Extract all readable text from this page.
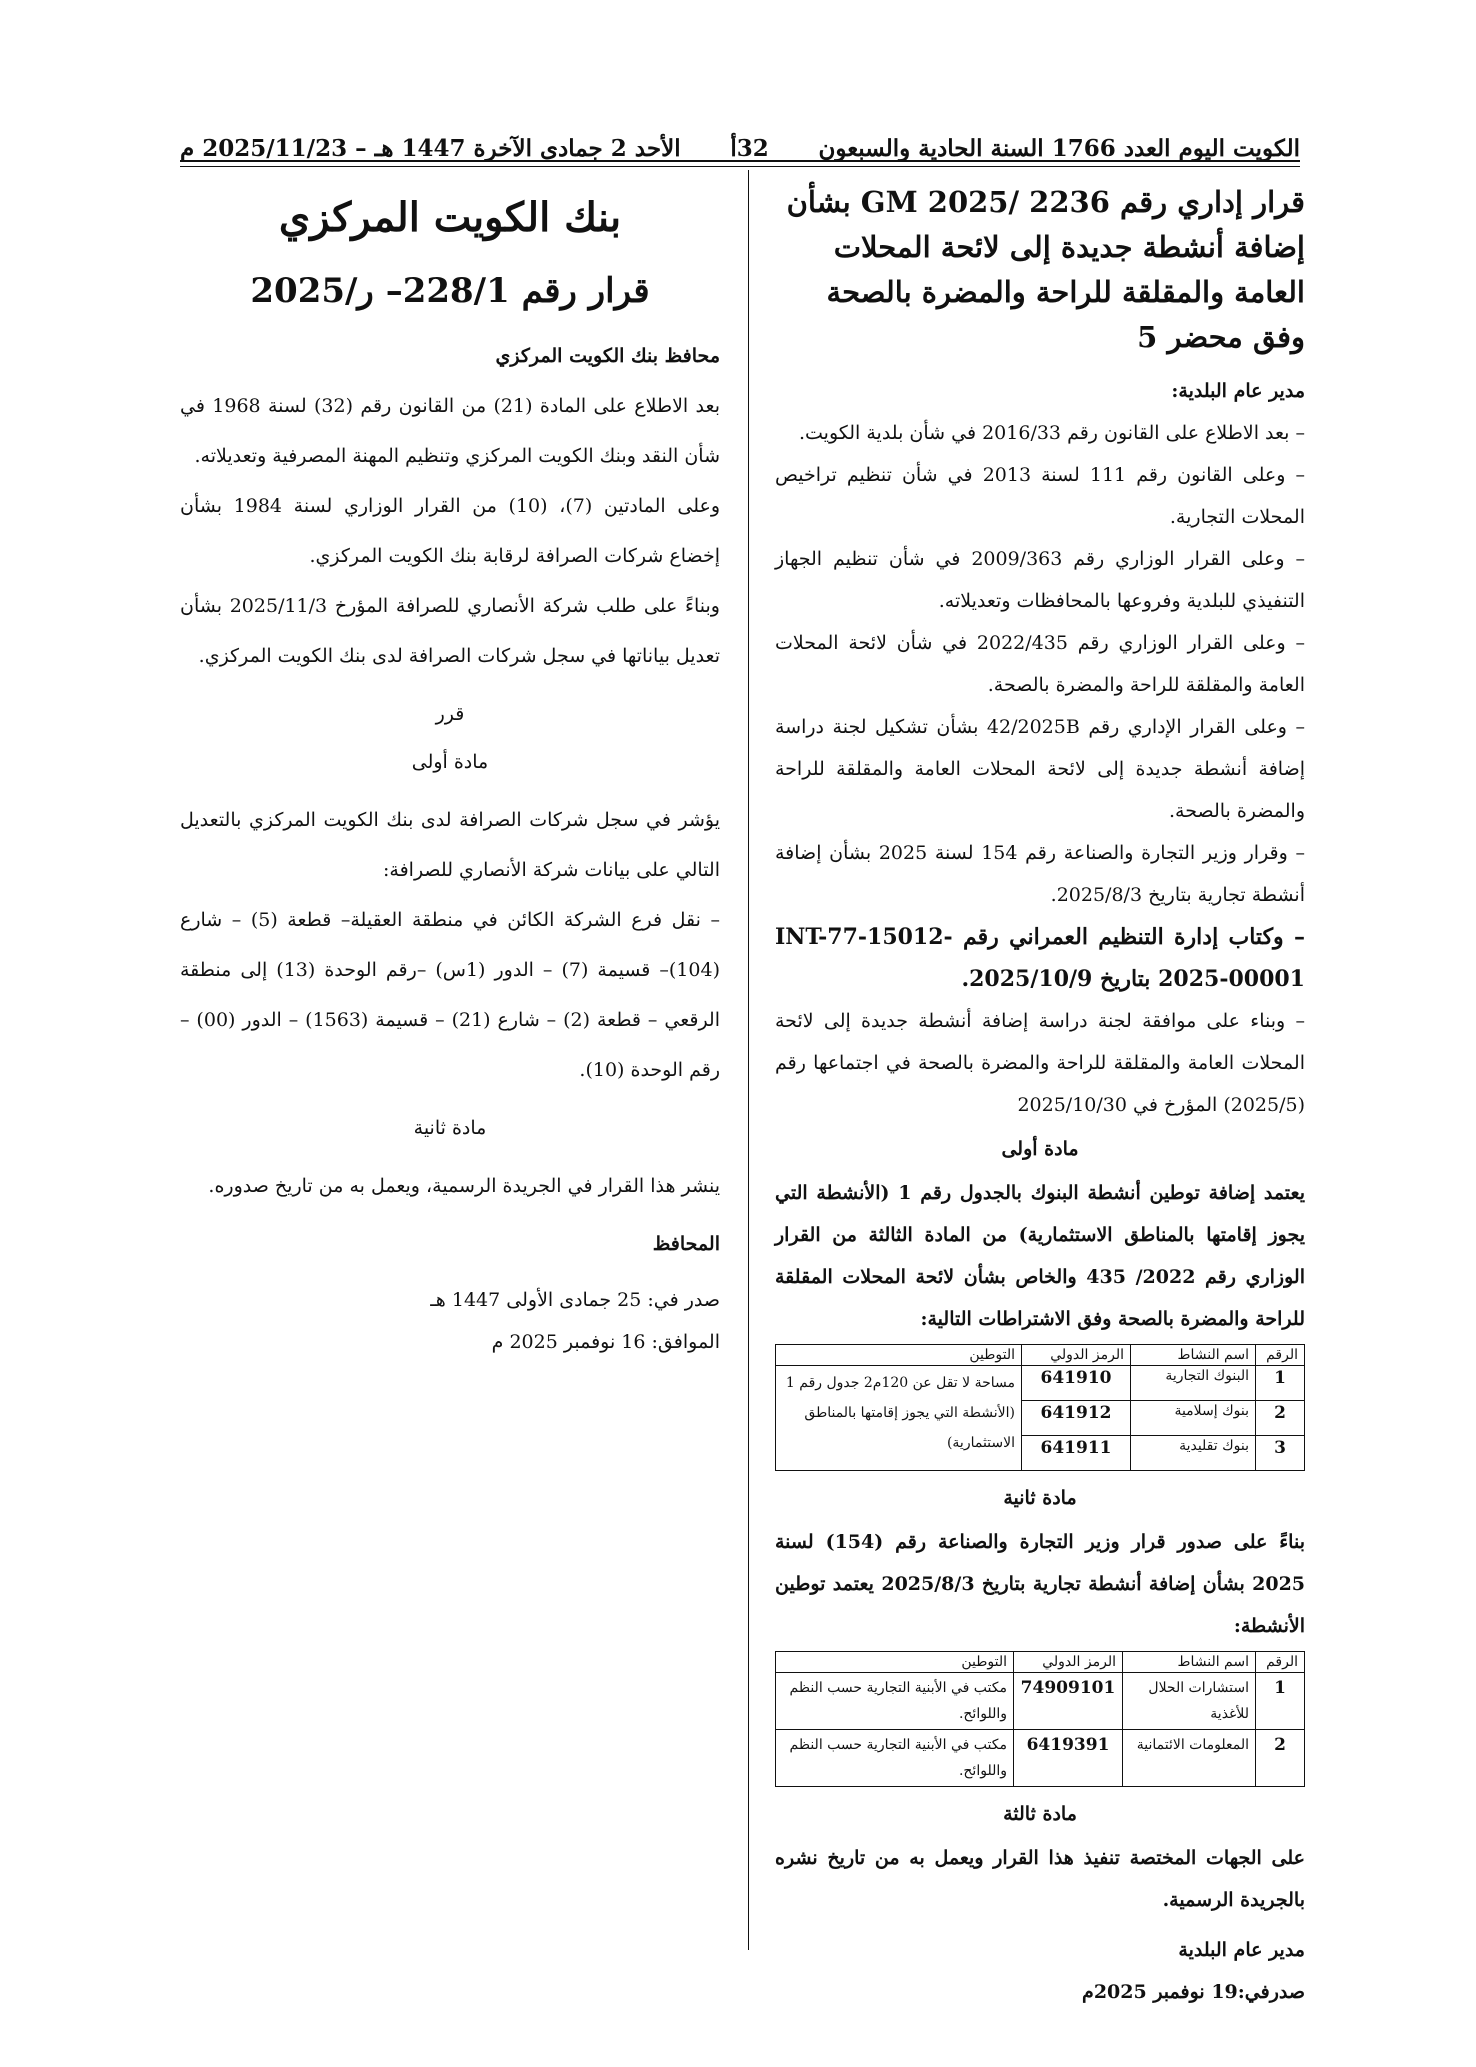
الكويت اليوم العدد 1766 السنة الحادية والسبعون
32أ
الأحد 2 جمادى الآخرة 1447 هـ – 2025/11/23 م

قرار إداري رقم GM 2025/ 2236 بشأن إضافة أنشطة جديدة إلى لائحة المحلات العامة والمقلقة للراحة والمضرة بالصحة وفق محضر 5

مدير عام البلدية:

– بعد الاطلاع على القانون رقم 2016/33 في شأن بلدية الكويت.

– وعلى القانون رقم 111 لسنة 2013 في شأن تنظيم تراخيص المحلات التجارية.

– وعلى القرار الوزاري رقم 2009/363 في شأن تنظيم الجهاز التنفيذي للبلدية وفروعها بالمحافظات وتعديلاته.

– وعلى القرار الوزاري رقم 2022/435 في شأن لائحة المحلات العامة والمقلقة للراحة والمضرة بالصحة.

– وعلى القرار الإداري رقم 42/2025B بشأن تشكيل لجنة دراسة إضافة أنشطة جديدة إلى لائحة المحلات العامة والمقلقة للراحة والمضرة بالصحة.

– وقرار وزير التجارة والصناعة رقم 154 لسنة 2025 بشأن إضافة أنشطة تجارية بتاريخ 2025/8/3.

– وكتاب إدارة التنظيم العمراني رقم INT-77-15012-2025-00001 بتاريخ 2025/10/9.

– وبناء على موافقة لجنة دراسة إضافة أنشطة جديدة إلى لائحة المحلات العامة والمقلقة للراحة والمضرة بالصحة في اجتماعها رقم (2025/5) المؤرخ في 2025/10/30

مادة أولى

يعتمد إضافة توطين أنشطة البنوك بالجدول رقم 1 (الأنشطة التي يجوز إقامتها بالمناطق الاستثمارية) من المادة الثالثة من القرار الوزاري رقم 2022/ 435 والخاص بشأن لائحة المحلات المقلقة للراحة والمضرة بالصحة وفق الاشتراطات التالية:

الرقم	اسم النشاط	الرمز الدولي	التوطين
1	البنوك التجارية	641910	مساحة لا تقل عن 120م2 جدول رقم 1 (الأنشطة التي يجوز إقامتها بالمناطق الاستثمارية)
2	بنوك إسلامية	641912	
3	بنوك تقليدية	641911	

مادة ثانية

بناءً على صدور قرار وزير التجارة والصناعة رقم (154) لسنة 2025 بشأن إضافة أنشطة تجارية بتاريخ 2025/8/3 يعتمد توطين الأنشطة:

الرقم	اسم النشاط	الرمز الدولي	التوطين
1	استشارات الحلال للأغذية	74909101	مكتب في الأبنية التجارية حسب النظم واللوائح.
2	المعلومات الائتمانية	6419391	مكتب في الأبنية التجارية حسب النظم واللوائح.

مادة ثالثة

على الجهات المختصة تنفيذ هذا القرار ويعمل به من تاريخ نشره بالجريدة الرسمية.

مدير عام البلدية

صدرفي:19 نوفمبر 2025م

بنك الكويت المركزي

قرار رقم 228/1– ر/2025

محافظ بنك الكويت المركزي

بعد الاطلاع على المادة (21) من القانون رقم (32) لسنة 1968 في شأن النقد وبنك الكويت المركزي وتنظيم المهنة المصرفية وتعديلاته.

وعلى المادتين (7)، (10) من القرار الوزاري لسنة 1984 بشأن إخضاع شركات الصرافة لرقابة بنك الكويت المركزي.

وبناءً على طلب شركة الأنصاري للصرافة المؤرخ 2025/11/3 بشأن تعديل بياناتها في سجل شركات الصرافة لدى بنك الكويت المركزي.

قرر

مادة أولى

يؤشر في سجل شركات الصرافة لدى بنك الكويت المركزي بالتعديل التالي على بيانات شركة الأنصاري للصرافة:

– نقل فرع الشركة الكائن في منطقة العقيلة– قطعة (5) – شارع (104)– قسيمة (7) – الدور (1س) –رقم الوحدة (13) إلى منطقة الرقعي – قطعة (2) – شارع (21) – قسيمة (1563) – الدور (00) – رقم الوحدة (10).

مادة ثانية

ينشر هذا القرار في الجريدة الرسمية، ويعمل به من تاريخ صدوره.

المحافظ

صدر في: 25 جمادى الأولى 1447 هـ

الموافق: 16 نوفمبر 2025 م
